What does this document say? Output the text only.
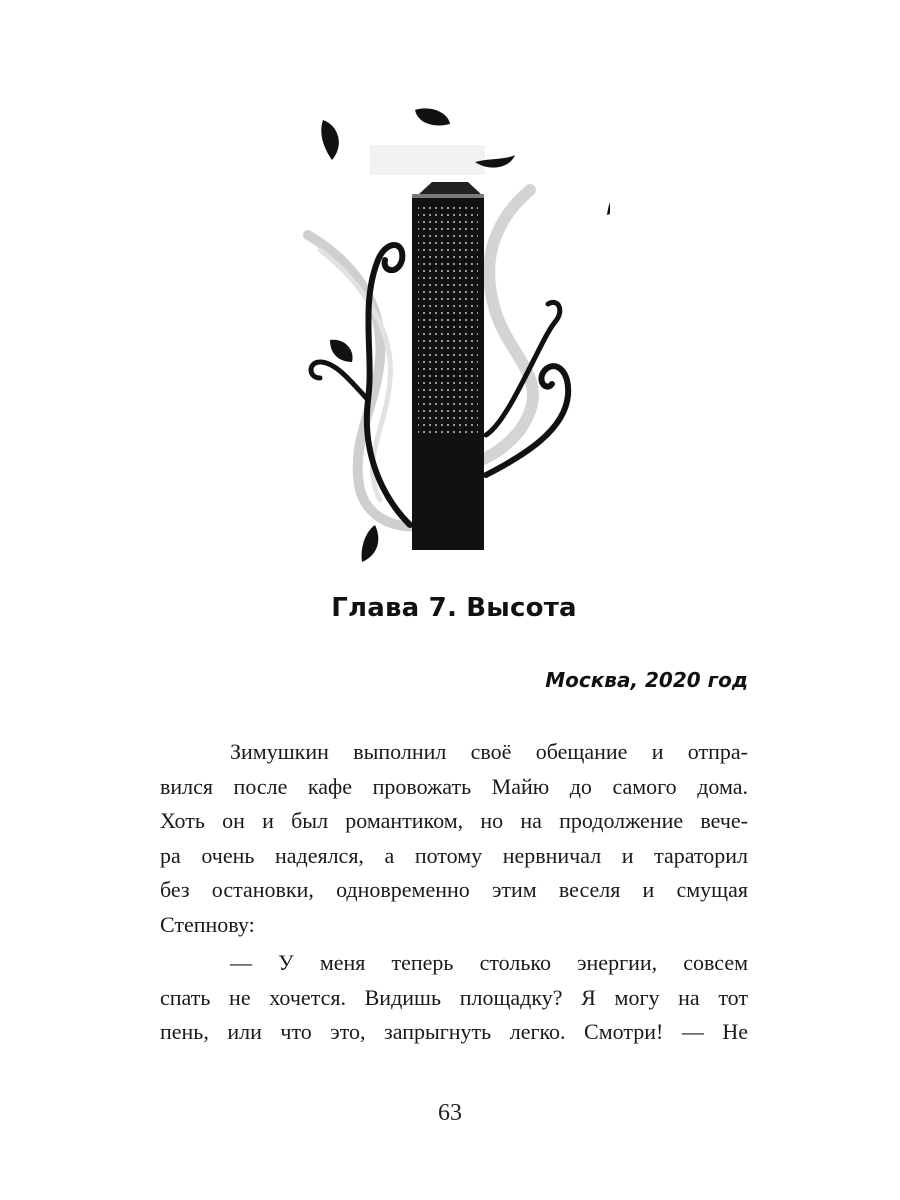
Глава 7. Высота
Москва, 2020 год
Зимушкин выполнил своё обещание и отпра-
вился после кафе провожать Майю до самого дома.
Хоть он и был романтиком, но на продолжение вече-
ра очень надеялся, а потому нервничал и тараторил
без остановки, одновременно этим веселя и смущая
Степнову:
— У меня теперь столько энергии, совсем
спать не хочется. Видишь площадку? Я могу на тот
пень, или что это, запрыгнуть легко. Смотри! — Не
63
